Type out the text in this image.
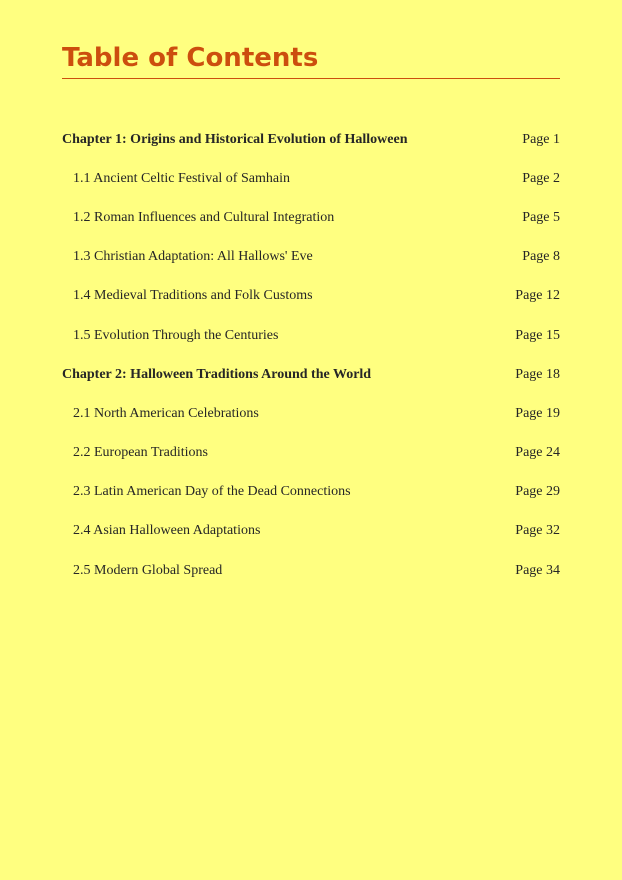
Table of Contents
Chapter 1: Origins and Historical Evolution of Halloween	Page 1
1.1 Ancient Celtic Festival of Samhain	Page 2
1.2 Roman Influences and Cultural Integration	Page 5
1.3 Christian Adaptation: All Hallows' Eve	Page 8
1.4 Medieval Traditions and Folk Customs	Page 12
1.5 Evolution Through the Centuries	Page 15
Chapter 2: Halloween Traditions Around the World	Page 18
2.1 North American Celebrations	Page 19
2.2 European Traditions	Page 24
2.3 Latin American Day of the Dead Connections	Page 29
2.4 Asian Halloween Adaptations	Page 32
2.5 Modern Global Spread	Page 34
